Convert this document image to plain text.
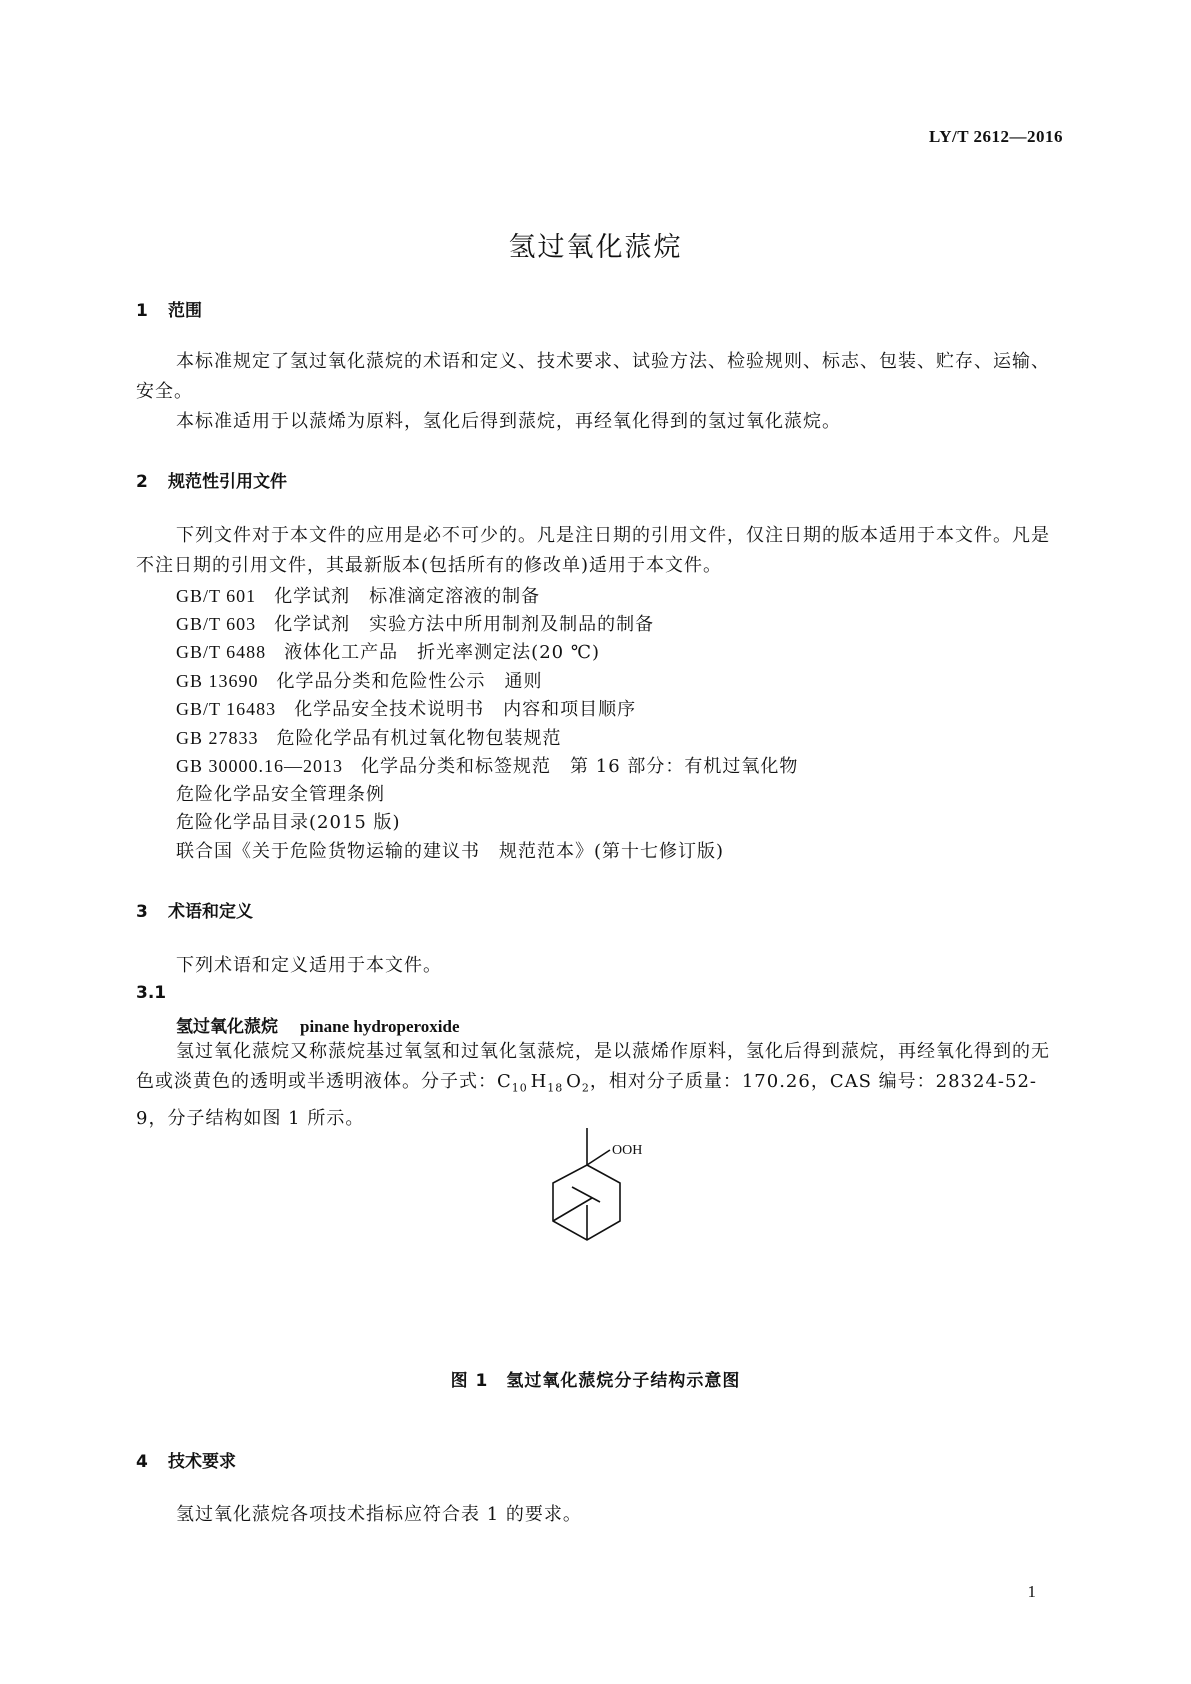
LY/T 2612—2016
氢过氧化蒎烷
1 范围
本标准规定了氢过氧化蒎烷的术语和定义、技术要求、试验方法、检验规则、标志、包装、贮存、运输、安全。
本标准适用于以蒎烯为原料，氢化后得到蒎烷，再经氧化得到的氢过氧化蒎烷。
2 规范性引用文件
下列文件对于本文件的应用是必不可少的。凡是注日期的引用文件，仅注日期的版本适用于本文件。凡是不注日期的引用文件，其最新版本(包括所有的修改单)适用于本文件。
GB/T 601 化学试剂　标准滴定溶液的制备
GB/T 603 化学试剂　实验方法中所用制剂及制品的制备
GB/T 6488 液体化工产品　折光率测定法(20 ℃)
GB 13690 化学品分类和危险性公示　通则
GB/T 16483 化学品安全技术说明书　内容和项目顺序
GB 27833 危险化学品有机过氧化物包装规范
GB 30000.16—2013 化学品分类和标签规范　第 16 部分：有机过氧化物
危险化学品安全管理条例
危险化学品目录(2015 版)
联合国《关于危险货物运输的建议书　规范范本》(第十七修订版)
3 术语和定义
下列术语和定义适用于本文件。
3.1
氢过氧化蒎烷 pinane hydroperoxide
氢过氧化蒎烷又称蒎烷基过氧氢和过氧化氢蒎烷，是以蒎烯作原料，氢化后得到蒎烷，再经氧化得到的无色或淡黄色的透明或半透明液体。分子式：$C_{10}$  $H_{18}$  $O_2$，相对分子质量：170.26，CAS 编号：28324-52-9，分子结构如图 1 所示。
OOH
图 1 氢过氧化蒎烷分子结构示意图
4 技术要求
氢过氧化蒎烷各项技术指标应符合表 1 的要求。
1
